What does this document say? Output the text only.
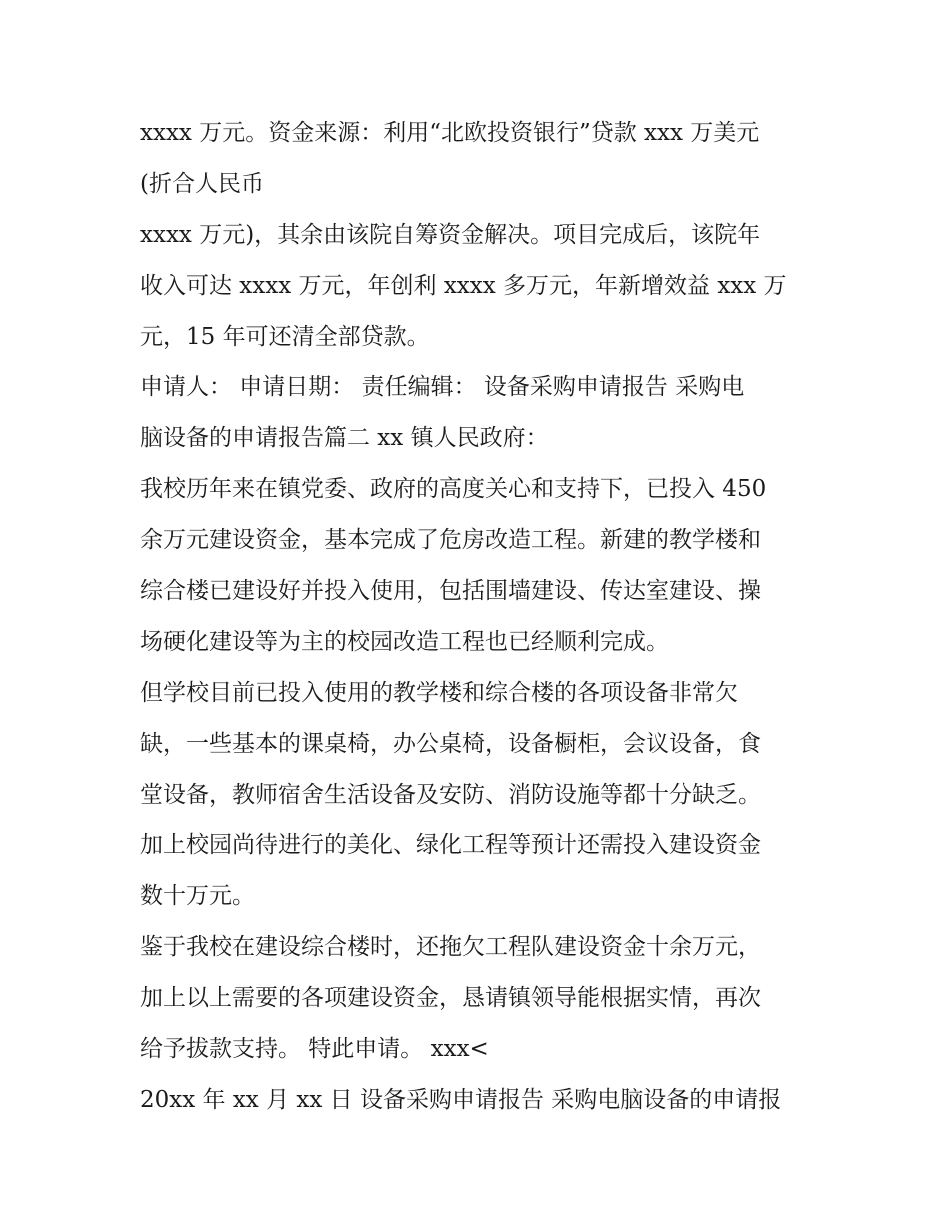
xxxx 万元。资金来源：利用“北欧投资银行”贷款 xxx 万美元
(折合人民币
xxxx 万元)，其余由该院自筹资金解决。项目完成后，该院年
收入可达 xxxx 万元，年创利 xxxx 多万元，年新增效益 xxx 万
元，15 年可还清全部贷款。
申请人： 申请日期： 责任编辑： 设备采购申请报告 采购电
脑设备的申请报告篇二 xx 镇人民政府：
我校历年来在镇党委、政府的高度关心和支持下，已投入 450
余万元建设资金，基本完成了危房改造工程。新建的教学楼和
综合楼已建设好并投入使用，包括围墙建设、传达室建设、操
场硬化建设等为主的校园改造工程也已经顺利完成。
但学校目前已投入使用的教学楼和综合楼的各项设备非常欠
缺，一些基本的课桌椅，办公桌椅，设备橱柜，会议设备，食
堂设备，教师宿舍生活设备及安防、消防设施等都十分缺乏。
加上校园尚待进行的美化、绿化工程等预计还需投入建设资金
数十万元。
鉴于我校在建设综合楼时，还拖欠工程队建设资金十余万元，
加上以上需要的各项建设资金，恳请镇领导能根据实情，再次
给予拔款支持。 特此申请。 xxx<
20xx 年 xx 月 xx 日 设备采购申请报告 采购电脑设备的申请报
